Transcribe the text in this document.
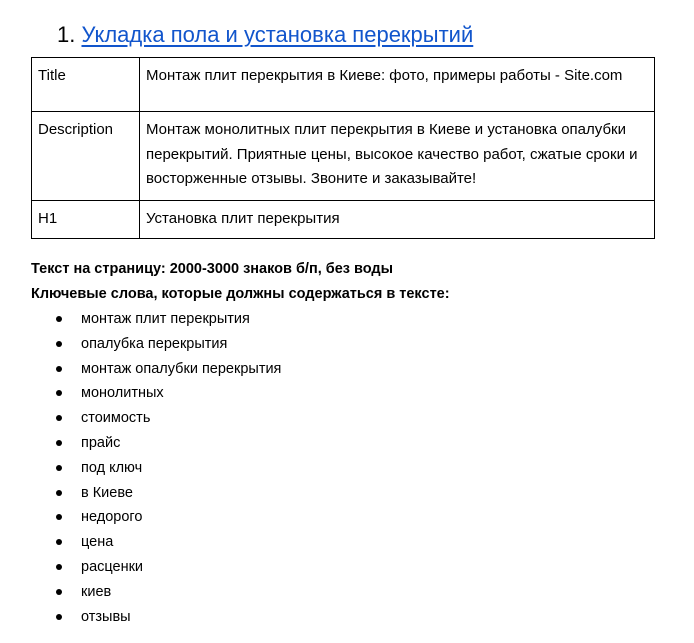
1. Укладка пола и установка перекрытий
Title	Монтаж плит перекрытия в Киеве: фото, примеры работы - Site.com
Description	Монтаж монолитных плит перекрытия в Киеве и установка опалубки перекрытий. Приятные цены, высокое качество работ, сжатые сроки и восторженные отзывы. Звоните и заказывайте!
H1	Установка плит перекрытия
Текст на страницу: 2000-3000 знаков б/п, без воды
Ключевые слова, которые должны содержаться в тексте:
монтаж плит перекрытия
опалубка перекрытия
монтаж опалубки перекрытия
монолитных
стоимость
прайс
под ключ
в Киеве
недорого
цена
расценки
киев
отзывы
